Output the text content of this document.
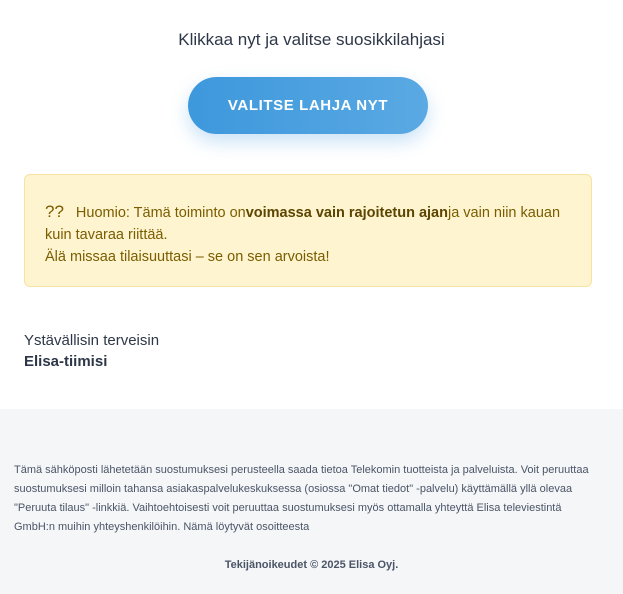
Klikkaa nyt ja valitse suosikkilahjasi
VALITSE LAHJA NYT
?? Huomio: Tämä toiminto onvoimassa vain rajoitetun ajanja vain niin kauan kuin tavaraa riittää.
Älä missaa tilaisuuttasi – se on sen arvoista!
Ystävällisin terveisin
Elisa-tiimisi
Tämä sähköposti lähetetään suostumuksesi perusteella saada tietoa Telekomin tuotteista ja palveluista. Voit peruuttaa suostumuksesi milloin tahansa asiakaspalvelukeskuksessa (osiossa "Omat tiedot" -palvelu) käyttämällä yllä olevaa "Peruuta tilaus" -linkkiä. Vaihtoehtoisesti voit peruuttaa suostumuksesi myös ottamalla yhteyttä Elisa televiestintä GmbH:n muihin yhteyshenkilöihin. Nämä löytyvät osoitteesta
Tekijänoikeudet © 2025 Elisa Oyj.
